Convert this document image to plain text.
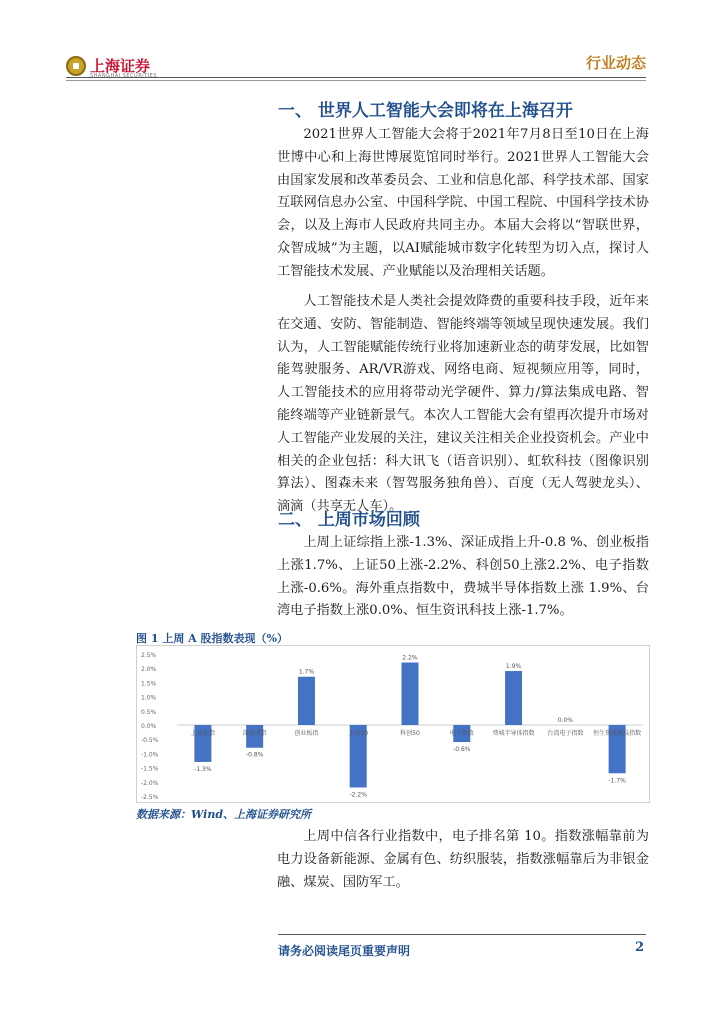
上海证券
SHANGHAI SECURITIES
行业动态
一、 世界人工智能大会即将在上海召开

2021世界人工智能大会将于2021年7月8日至10日在上海世博中心和上海世博展览馆同时举行。2021世界人工智能大会由国家发展和改革委员会、工业和信息化部、科学技术部、国家互联网信息办公室、中国科学院、中国工程院、中国科学技术协会，以及上海市人民政府共同主办。本届大会将以“智联世界，众智成城”为主题，以AI赋能城市数字化转型为切入点，探讨人工智能技术发展、产业赋能以及治理相关话题。

人工智能技术是人类社会提效降费的重要科技手段，近年来在交通、安防、智能制造、智能终端等领域呈现快速发展。我们认为，人工智能赋能传统行业将加速新业态的萌芽发展，比如智能驾驶服务、AR/VR游戏、网络电商、短视频应用等，同时，人工智能技术的应用将带动光学硬件、算力/算法集成电路、智能终端等产业链新景气。本次人工智能大会有望再次提升市场对人工智能产业发展的关注，建议关注相关企业投资机会。产业中相关的企业包括：科大讯飞（语音识别）、虹软科技（图像识别算法）、图森未来（智驾服务独角兽）、百度（无人驾驶龙头）、滴滴（共享无人车）。

二、 上周市场回顾

上周上证综指上涨-1.3%、深证成指上升-0.8 %、创业板指上涨1.7%、上证50上涨-2.2%、科创50上涨2.2%、电子指数上涨-0.6%。海外重点指数中，费城半导体指数上涨 1.9%、台湾电子指数上涨0.0%、恒生资讯科技上涨-1.7%。

图 1 上周 A 股指数表现（%）
2.5%
2.0%
1.5%
1.0%
0.5%
0.0%
-0.5%
-1.0%
-1.5%
-2.0%
-2.5%
上证综指
-1.3%
深证成指
-0.8%
创业板指
1.7%
上证50
-2.2%
科创50
2.2%
电子指数
-0.6%
费城半导体指数
1.9%
台湾电子指数
0.0%
恒生资讯科技指数
-1.7%
数据来源：Wind、上海证券研究所

上周中信各行业指数中，电子排名第 10。指数涨幅靠前为电力设备新能源、金属有色、纺织服装，指数涨幅靠后为非银金融、煤炭、国防军工。

请务必阅读尾页重要声明	2
